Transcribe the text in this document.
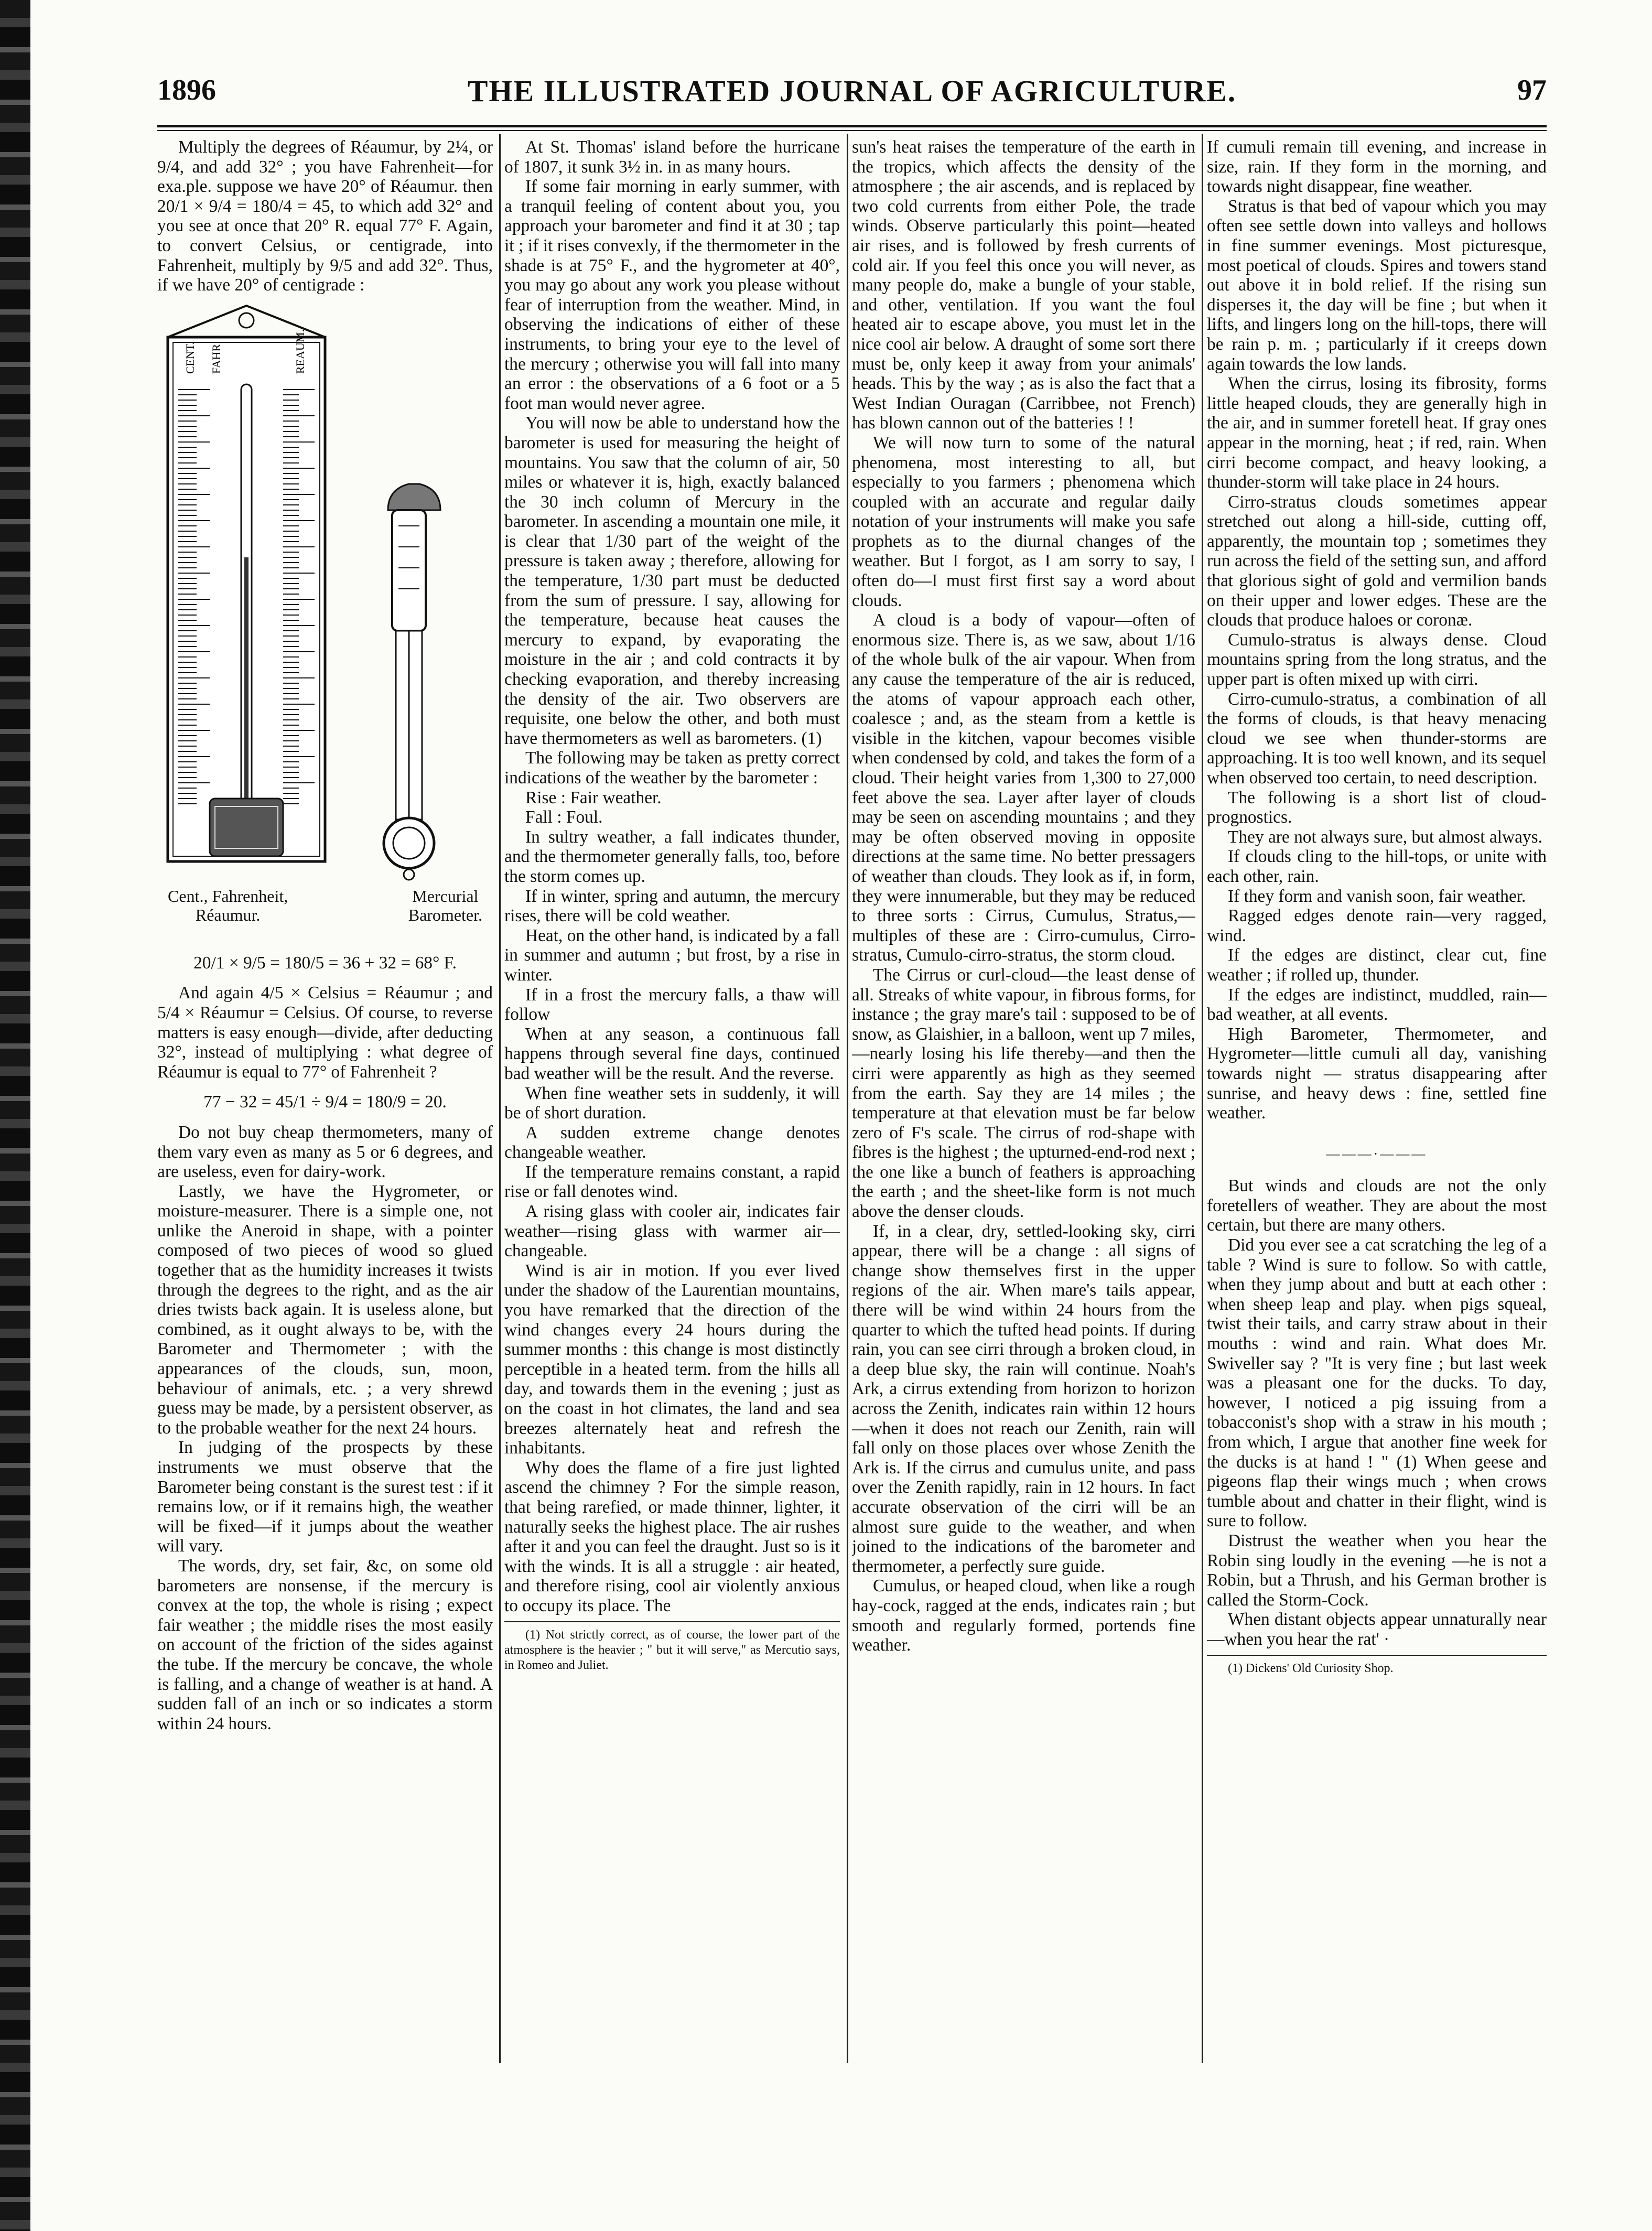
1896	THE ILLUSTRATED JOURNAL OF AGRICULTURE.	97

Multiply the degrees of Réaumur, by 2¼, or 9/4, and add 32° ; you have Fahrenheit—for exa.ple. suppose we have 20° of Réaumur. then 20/1 × 9/4 = 180/4 = 45, to which add 32° and you see at once that 20° R. equal 77° F. Again, to convert Celsius, or centigrade, into Fahrenheit, multiply by 9/5 and add 32°. Thus, if we have 20° of centigrade :

CENT. FAHR.	REAUM.
Cent., Fahrenheit,
Réaumur.
Mercurial
Barometer.

20/1 × 9/5 = 180/5 = 36 + 32 = 68° F.

And again 4/5 × Celsius = Réaumur ; and 5/4 × Réaumur = Celsius. Of course, to reverse matters is easy enough—divide, after deducting 32°, instead of multiplying : what degree of Réaumur is equal to 77° of Fahrenheit ?

77 − 32 = 45/1 ÷ 9/4 = 180/9 = 20.

Do not buy cheap thermometers, many of them vary even as many as 5 or 6 degrees, and are useless, even for dairy-work.

Lastly, we have the Hygrometer, or moisture-measurer. There is a simple one, not unlike the Aneroid in shape, with a pointer composed of two pieces of wood so glued together that as the humidity increases it twists through the degrees to the right, and as the air dries twists back again. It is useless alone, but combined, as it ought always to be, with the Barometer and Thermometer ; with the appearances of the clouds, sun, moon, behaviour of animals, etc. ; a very shrewd guess may be made, by a persistent observer, as to the probable weather for the next 24 hours.

In judging of the prospects by these instruments we must observe that the Barometer being constant is the surest test : if it remains low, or if it remains high, the weather will be fixed—if it jumps about the weather will vary.

The words, dry, set fair, &c, on some old barometers are nonsense, if the mercury is convex at the top, the whole is rising ; expect fair weather ; the middle rises the most easily on account of the friction of the sides against the tube. If the mercury be concave, the whole is falling, and a change of weather is at hand. A sudden fall of an inch or so indicates a storm within 24 hours.

At St. Thomas' island before the hurricane of 1807, it sunk 3½ in. in as many hours.

If some fair morning in early summer, with a tranquil feeling of content about you, you approach your barometer and find it at 30 ; tap it ; if it rises convexly, if the thermometer in the shade is at 75° F., and the hygrometer at 40°, you may go about any work you please without fear of interruption from the weather. Mind, in observing the indications of either of these instruments, to bring your eye to the level of the mercury ; otherwise you will fall into many an error : the observations of a 6 foot or a 5 foot man would never agree.

You will now be able to understand how the barometer is used for measuring the height of mountains. You saw that the column of air, 50 miles or whatever it is, high, exactly balanced the 30 inch column of Mercury in the barometer. In ascending a mountain one mile, it is clear that 1/30 part of the weight of the pressure is taken away ; therefore, allowing for the temperature, 1/30 part must be deducted from the sum of pressure. I say, allowing for the temperature, because heat causes the mercury to expand, by evaporating the moisture in the air ; and cold contracts it by checking evaporation, and thereby increasing the density of the air. Two observers are requisite, one below the other, and both must have thermometers as well as barometers. (1)

The following may be taken as pretty correct indications of the weather by the barometer :

Rise : Fair weather.

Fall : Foul.

In sultry weather, a fall indicates thunder, and the thermometer generally falls, too, before the storm comes up.

If in winter, spring and autumn, the mercury rises, there will be cold weather.

Heat, on the other hand, is indicated by a fall in summer and autumn ; but frost, by a rise in winter.

If in a frost the mercury falls, a thaw will follow

When at any season, a continuous fall happens through several fine days, continued bad weather will be the result. And the reverse.

When fine weather sets in suddenly, it will be of short duration.

A sudden extreme change denotes changeable weather.

If the temperature remains constant, a rapid rise or fall denotes wind.

A rising glass with cooler air, indicates fair weather—rising glass with warmer air—changeable.

Wind is air in motion. If you ever lived under the shadow of the Laurentian mountains, you have remarked that the direction of the wind changes every 24 hours during the summer months : this change is most distinctly perceptible in a heated term. from the hills all day, and towards them in the evening ; just as on the coast in hot climates, the land and sea breezes alternately heat and refresh the inhabitants.

Why does the flame of a fire just lighted ascend the chimney ? For the simple reason, that being rarefied, or made thinner, lighter, it naturally seeks the highest place. The air rushes after it and you can feel the draught. Just so is it with the winds. It is all a struggle : air heated, and therefore rising, cool air violently anxious to occupy its place. The

(1) Not strictly correct, as of course, the lower part of the atmosphere is the heavier ; " but it will serve," as Mercutio says, in Romeo and Juliet.

sun's heat raises the temperature of the earth in the tropics, which affects the density of the atmosphere ; the air ascends, and is replaced by two cold currents from either Pole, the trade winds. Observe particularly this point—heated air rises, and is followed by fresh currents of cold air. If you feel this once you will never, as many people do, make a bungle of your stable, and other, ventilation. If you want the foul heated air to escape above, you must let in the nice cool air below. A draught of some sort there must be, only keep it away from your animals' heads. This by the way ; as is also the fact that a West Indian Ouragan (Carribbee, not French) has blown cannon out of the batteries ! !

We will now turn to some of the natural phenomena, most interesting to all, but especially to you farmers ; phenomena which coupled with an accurate and regular daily notation of your instruments will make you safe prophets as to the diurnal changes of the weather. But I forgot, as I am sorry to say, I often do—I must first first say a word about clouds.

A cloud is a body of vapour—often of enormous size. There is, as we saw, about 1/16 of the whole bulk of the air vapour. When from any cause the temperature of the air is reduced, the atoms of vapour approach each other, coalesce ; and, as the steam from a kettle is visible in the kitchen, vapour becomes visible when condensed by cold, and takes the form of a cloud. Their height varies from 1,300 to 27,000 feet above the sea. Layer after layer of clouds may be seen on ascending mountains ; and they may be often observed moving in opposite directions at the same time. No better pressagers of weather than clouds. They look as if, in form, they were innumerable, but they may be reduced to three sorts : Cirrus, Cumulus, Stratus,—multiples of these are : Cirro-cumulus, Cirro-stratus, Cumulo-cirro-stratus, the storm cloud.

The Cirrus or curl-cloud—the least dense of all. Streaks of white vapour, in fibrous forms, for instance ; the gray mare's tail : supposed to be of snow, as Glaishier, in a balloon, went up 7 miles,—nearly losing his life thereby—and then the cirri were apparently as high as they seemed from the earth. Say they are 14 miles ; the temperature at that elevation must be far below zero of F's scale. The cirrus of rod-shape with fibres is the highest ; the upturned-end-rod next ; the one like a bunch of feathers is approaching the earth ; and the sheet-like form is not much above the denser clouds.

If, in a clear, dry, settled-looking sky, cirri appear, there will be a change : all signs of change show themselves first in the upper regions of the air. When mare's tails appear, there will be wind within 24 hours from the quarter to which the tufted head points. If during rain, you can see cirri through a broken cloud, in a deep blue sky, the rain will continue. Noah's Ark, a cirrus extending from horizon to horizon across the Zenith, indicates rain within 12 hours—when it does not reach our Zenith, rain will fall only on those places over whose Zenith the Ark is. If the cirrus and cumulus unite, and pass over the Zenith rapidly, rain in 12 hours. In fact accurate observation of the cirri will be an almost sure guide to the weather, and when joined to the indications of the barometer and thermometer, a perfectly sure guide.

Cumulus, or heaped cloud, when like a rough hay-cock, ragged at the ends, indicates rain ; but smooth and regularly formed, portends fine weather.

If cumuli remain till evening, and increase in size, rain. If they form in the morning, and towards night disappear, fine weather.

Stratus is that bed of vapour which you may often see settle down into valleys and hollows in fine summer evenings. Most picturesque, most poetical of clouds. Spires and towers stand out above it in bold relief. If the rising sun disperses it, the day will be fine ; but when it lifts, and lingers long on the hill-tops, there will be rain p. m. ; particularly if it creeps down again towards the low lands.

When the cirrus, losing its fibrosity, forms little heaped clouds, they are generally high in the air, and in summer foretell heat. If gray ones appear in the morning, heat ; if red, rain. When cirri become compact, and heavy looking, a thunder-storm will take place in 24 hours.

Cirro-stratus clouds sometimes appear stretched out along a hill-side, cutting off, apparently, the mountain top ; sometimes they run across the field of the setting sun, and afford that glorious sight of gold and vermilion bands on their upper and lower edges. These are the clouds that produce haloes or coronæ.

Cumulo-stratus is always dense. Cloud mountains spring from the long stratus, and the upper part is often mixed up with cirri.

Cirro-cumulo-stratus, a combination of all the forms of clouds, is that heavy menacing cloud we see when thunder-storms are approaching. It is too well known, and its sequel when observed too certain, to need description.

The following is a short list of cloud-prognostics.

They are not always sure, but almost always.

If clouds cling to the hill-tops, or unite with each other, rain.

If they form and vanish soon, fair weather.

Ragged edges denote rain—very ragged, wind.

If the edges are distinct, clear cut, fine weather ; if rolled up, thunder.

If the edges are indistinct, muddled, rain—bad weather, at all events.

High Barometer, Thermometer, and Hygrometer—little cumuli all day, vanishing towards night — stratus disappearing after sunrise, and heavy dews : fine, settled fine weather.

———·———

But winds and clouds are not the only foretellers of weather. They are about the most certain, but there are many others.

Did you ever see a cat scratching the leg of a table ? Wind is sure to follow. So with cattle, when they jump about and butt at each other : when sheep leap and play. when pigs squeal, twist their tails, and carry straw about in their mouths : wind and rain. What does Mr. Swiveller say ? "It is very fine ; but last week was a pleasant one for the ducks. To day, however, I noticed a pig issuing from a tobacconist's shop with a straw in his mouth ; from which, I argue that another fine week for the ducks is at hand ! " (1) When geese and pigeons flap their wings much ; when crows tumble about and chatter in their flight, wind is sure to follow.

Distrust the weather when you hear the Robin sing loudly in the evening —he is not a Robin, but a Thrush, and his German brother is called the Storm-Cock.

When distant objects appear unnaturally near—when you hear the rat' ·

(1) Dickens' Old Curiosity Shop.
